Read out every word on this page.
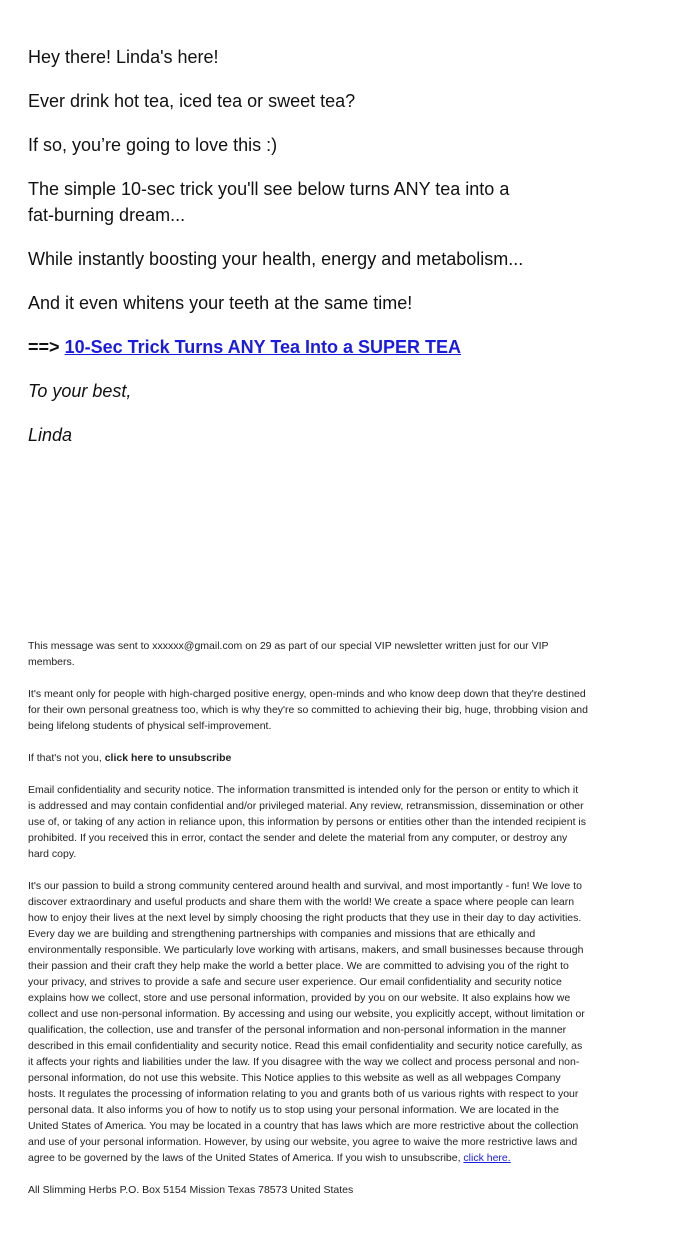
Hey there! Linda's here!

Ever drink hot tea, iced tea or sweet tea?

If so, you’re going to love this :)

The simple 10-sec trick you'll see below turns ANY tea into a fat-burning dream...

While instantly boosting your health, energy and metabolism...

And it even whitens your teeth at the same time!

==> 10-Sec Trick Turns ANY Tea Into a SUPER TEA

To your best,

Linda

This message was sent to xxxxxx@gmail.com on 29 as part of our special VIP newsletter written just for our VIP members.

It's meant only for people with high-charged positive energy, open-minds and who know deep down that they're destined for their own personal greatness too, which is why they're so committed to achieving their big, huge, throbbing vision and being lifelong students of physical self-improvement.

If that's not you, click here to unsubscribe

Email confidentiality and security notice. The information transmitted is intended only for the person or entity to which it is addressed and may contain confidential and/or privileged material. Any review, retransmission, dissemination or other use of, or taking of any action in reliance upon, this information by persons or entities other than the intended recipient is prohibited. If you received this in error, contact the sender and delete the material from any computer, or destroy any hard copy.

It's our passion to build a strong community centered around health and survival, and most importantly - fun! We love to discover extraordinary and useful products and share them with the world! We create a space where people can learn how to enjoy their lives at the next level by simply choosing the right products that they use in their day to day activities. Every day we are building and strengthening partnerships with companies and missions that are ethically and environmentally responsible. We particularly love working with artisans, makers, and small businesses because through their passion and their craft they help make the world a better place. We are committed to advising you of the right to your privacy, and strives to provide a safe and secure user experience. Our email confidentiality and security notice explains how we collect, store and use personal information, provided by you on our website. It also explains how we collect and use non-personal information. By accessing and using our website, you explicitly accept, without limitation or qualification, the collection, use and transfer of the personal information and non-personal information in the manner described in this email confidentiality and security notice. Read this email confidentiality and security notice carefully, as it affects your rights and liabilities under the law. If you disagree with the way we collect and process personal and non-personal information, do not use this website. This Notice applies to this website as well as all webpages Company hosts. It regulates the processing of information relating to you and grants both of us various rights with respect to your personal data. It also informs you of how to notify us to stop using your personal information. We are located in the United States of America. You may be located in a country that has laws which are more restrictive about the collection and use of your personal information. However, by using our website, you agree to waive the more restrictive laws and agree to be governed by the laws of the United States of America. If you wish to unsubscribe, click here.

All Slimming Herbs P.O. Box 5154 Mission Texas 78573 United States
